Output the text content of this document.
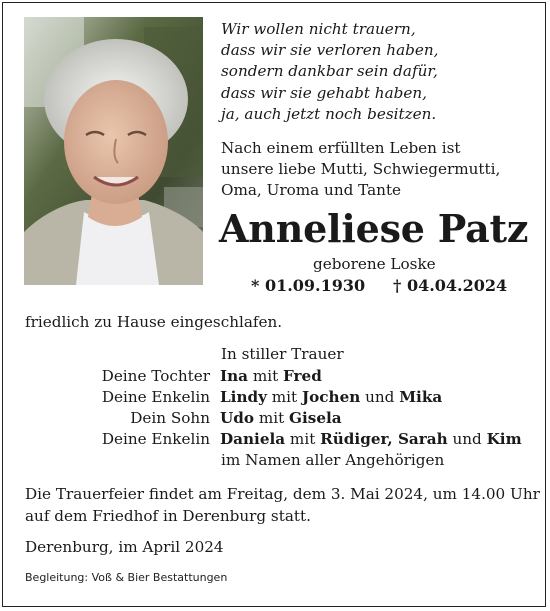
Wir wollen nicht trauern,
dass wir sie verloren haben,
sondern dankbar sein dafür,
dass wir sie gehabt haben,
ja, auch jetzt noch besitzen.
Nach einem erfüllten Leben ist
unsere liebe Mutti, Schwiegermutti,
Oma, Uroma und Tante
Anneliese Patz
geborene Loske
* 01.09.1930 † 04.04.2024
friedlich zu Hause eingeschlafen.
In stiller Trauer
Deine Tochter Ina mit Fred
Deine Enkelin Lindy mit Jochen und Mika
Dein Sohn Udo mit Gisela
Deine Enkelin Daniela mit Rüdiger, Sarah und Kim
im Namen aller Angehörigen
Die Trauerfeier findet am Freitag, dem 3. Mai 2024, um 14.00 Uhr
auf dem Friedhof in Derenburg statt.
Derenburg, im April 2024
Begleitung: Voß & Bier Bestattungen
